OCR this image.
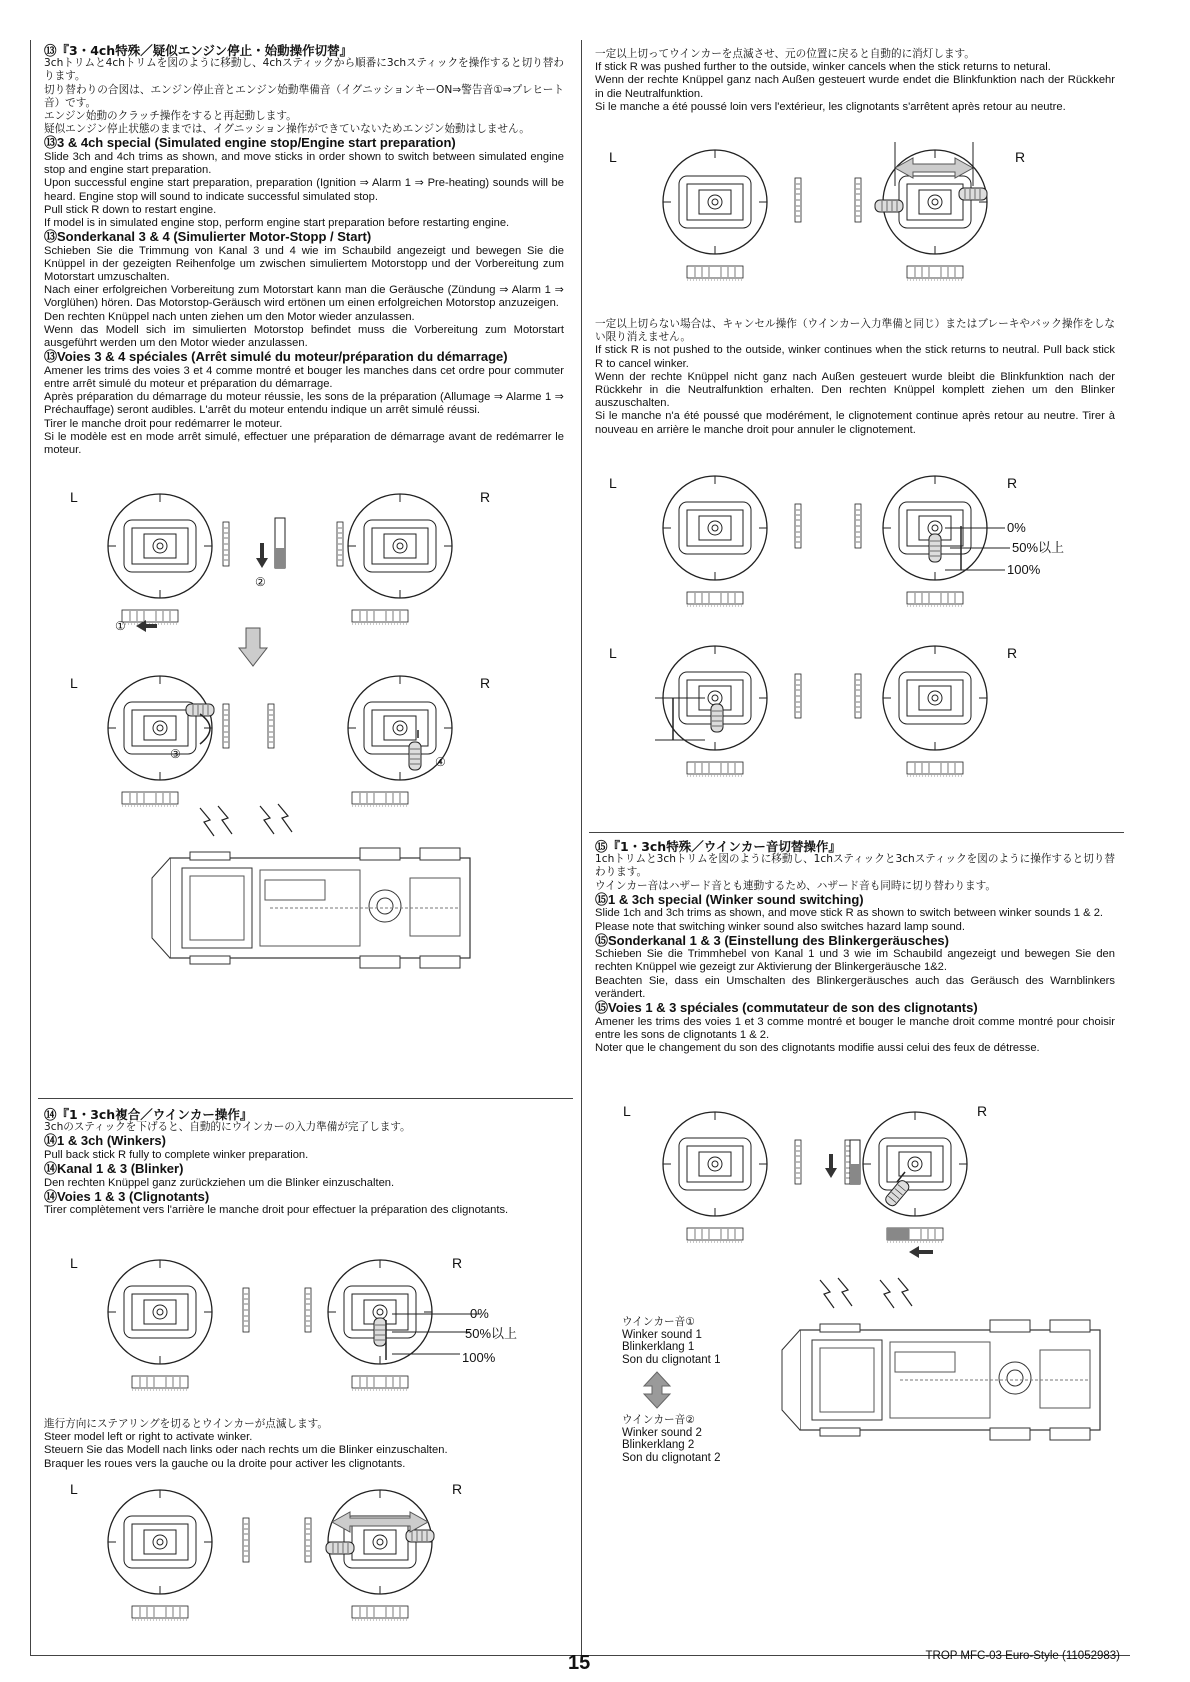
⑬『3・4ch特殊／疑似エンジン停止・始動操作切替』

3chトリムと4chトリムを図のように移動し、4chスティックから順番に3chスティックを操作すると切り替わります。

切り替わりの合図は、エンジン停止音とエンジン始動準備音（イグニッションキーON⇒警告音①⇒プレヒート音）です。

エンジン始動のクラッチ操作をすると再起動します。

疑似エンジン停止状態のままでは、イグニッション操作ができていないためエンジン始動はしません。

⑬3 & 4ch special (Simulated engine stop/Engine start preparation)

Slide 3ch and 4ch trims as shown, and move sticks in order shown to switch between simulated engine stop and engine start preparation.

Upon successful engine start preparation, preparation (Ignition ⇒ Alarm 1 ⇒ Pre-heating) sounds will be heard. Engine stop will sound to indicate successful simulated stop.

Pull stick R down to restart engine.

If model is in simulated engine stop, perform engine start preparation before restarting engine.

⑬Sonderkanal 3 & 4 (Simulierter Motor-Stopp / Start)

Schieben Sie die Trimmung von Kanal 3 und 4 wie im Schaubild angezeigt und bewegen Sie die Knüppel in der gezeigten Reihenfolge um zwischen simuliertem Motorstopp und der Vorbereitung zum Motorstart umzuschalten.

Nach einer erfolgreichen Vorbereitung zum Motorstart kann man die Geräusche (Zündung ⇒ Alarm 1 ⇒ Vorglühen) hören. Das Motorstop-Geräusch wird ertönen um einen erfolgreichen Motorstop anzuzeigen.

Den rechten Knüppel nach unten ziehen um den Motor wieder anzulassen.

Wenn das Modell sich im simulierten Motorstop befindet muss die Vorbereitung zum Motorstart ausgeführt werden um den Motor wieder anzulassen.

⑬Voies 3 & 4 spéciales (Arrêt simulé du moteur/préparation du démarrage)

Amener les trims des voies 3 et 4 comme montré et bouger les manches dans cet ordre pour commuter entre arrêt simulé du moteur et préparation du démarrage.

Après préparation du démarrage du moteur réussie, les sons de la préparation (Allumage ⇒ Alarme 1 ⇒ Préchauffage) seront audibles. L'arrêt du moteur entendu indique un arrêt simulé réussi.

Tirer le manche droit pour redémarrer le moteur.

Si le modèle est en mode arrêt simulé, effectuer une préparation de démarrage avant de redémarrer le moteur.

L	R
L	R
①
②
③
④

⑭『1・3ch複合／ウインカー操作』

3chのスティックを下げると、自動的にウインカーの入力準備が完了します。

⑭1 & 3ch (Winkers)

Pull back stick R fully to complete winker preparation.

⑭Kanal 1 & 3 (Blinker)

Den rechten Knüppel ganz zurückziehen um die Blinker einzuschalten.

⑭Voies 1 & 3 (Clignotants)

Tirer complètement vers l'arrière le manche droit pour effectuer la préparation des clignotants.

L	R
0%
50%以上
100%

進行方向にステアリングを切るとウインカーが点滅します。

Steer model left or right to activate winker.

Steuern Sie das Modell nach links oder nach rechts um die Blinker einzuschalten.

Braquer les roues vers la gauche ou la droite pour activer les clignotants.

L	R

一定以上切ってウインカーを点滅させ、元の位置に戻ると自動的に消灯します。

If stick R was pushed further to the outside, winker cancels when the stick returns to netural.

Wenn der rechte Knüppel ganz nach Außen gesteuert wurde endet die Blinkfunktion nach der Rückkehr in die Neutralfunktion.

Si le manche a été poussé loin vers l'extérieur, les clignotants s'arrêtent après retour au neutre.

L	R

一定以上切らない場合は、キャンセル操作（ウインカー入力準備と同じ）またはブレーキやバック操作をしない限り消えません。

If stick R is not pushed to the outside, winker continues when the stick returns to neutral. Pull back stick R to cancel winker.

Wenn der rechte Knüppel nicht ganz nach Außen gesteuert wurde bleibt die Blinkfunktion nach der Rückkehr in die Neutralfunktion erhalten. Den rechten Knüppel komplett ziehen um den Blinker auszuschalten.

Si le manche n'a été poussé que modérément, le clignotement continue après retour au neutre. Tirer à nouveau en arrière le manche droit pour annuler le clignotement.

L	R
0%
50%以上
100%
L	R

⑮『1・3ch特殊／ウインカー音切替操作』

1chトリムと3chトリムを図のように移動し、1chスティックと3chスティックを図のように操作すると切り替わります。

ウインカー音はハザード音とも連動するため、ハザード音も同時に切り替わります。

⑮1 & 3ch special (Winker sound switching)

Slide 1ch and 3ch trims as shown, and move stick R as shown to switch between winker sounds 1 & 2.

Please note that switching winker sound also switches hazard lamp sound.

⑮Sonderkanal 1 & 3 (Einstellung des Blinkergeräusches)

Schieben Sie die Trimmhebel von Kanal 1 und 3 wie im Schaubild angezeigt und bewegen Sie den rechten Knüppel wie gezeigt zur Aktivierung der Blinkergeräusche 1&2.

Beachten Sie, dass ein Umschalten des Blinkergeräusches auch das Geräusch des Warnblinkers verändert.

⑮Voies 1 & 3 spéciales (commutateur de son des clignotants)

Amener les trims des voies 1 et 3 comme montré et bouger le manche droit comme montré pour choisir entre les sons de clignotants 1 & 2.

Noter que le changement du son des clignotants modifie aussi celui des feux de détresse.

L	R
ウインカー音①
Winker sound 1
Blinkerklang 1
Son du clignotant 1
ウインカー音②
Winker sound 2
Blinkerklang 2
Son du clignotant 2
15	TROP MFC-03 Euro-Style (11052983)
